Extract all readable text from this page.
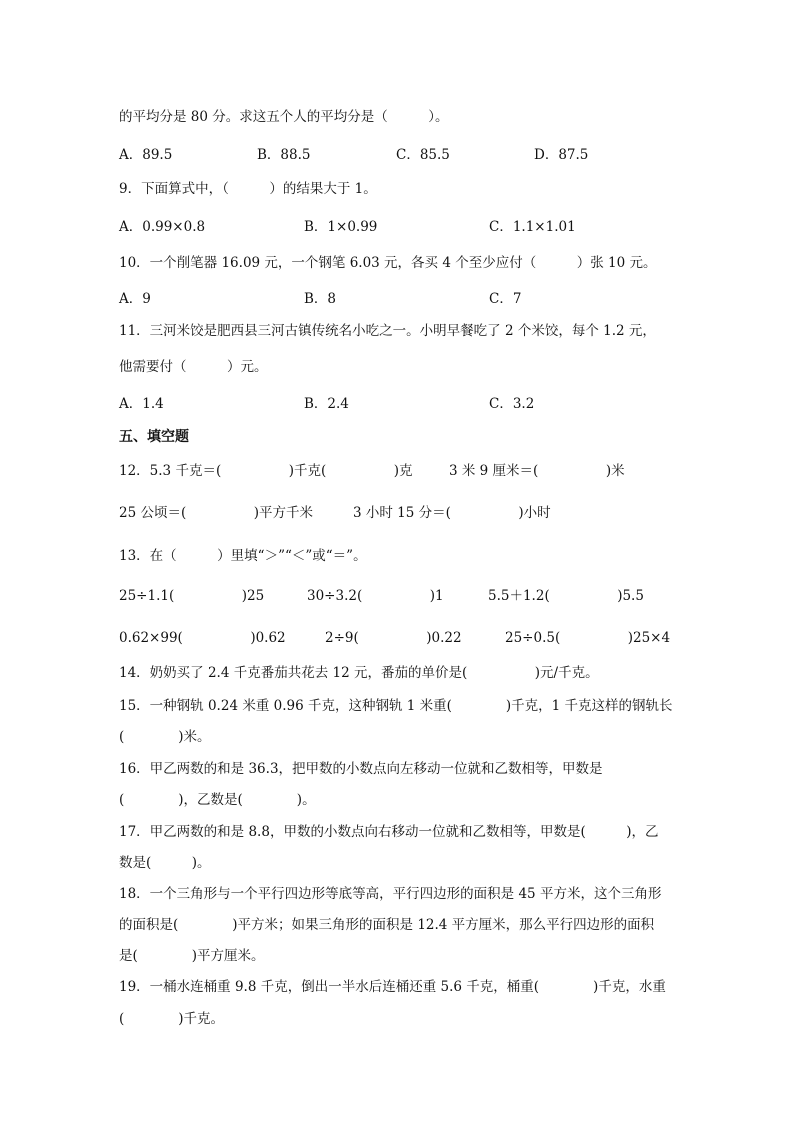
的平均分是 80 分。求这五个人的平均分是（　　　）。
9．下面算式中，（　　　）的结果大于 1。
10．一个削笔器 16.09 元，一个钢笔 6.03 元，各买 4 个至少应付（　　　）张 10 元。
11．三河米饺是肥西县三河古镇传统名小吃之一。小明早餐吃了 2 个米饺，每个 1.2 元，
他需要付（　　　）元。
13．在（　　　）里填“＞”“＜”或“＝”。
14．奶奶买了 2.4 千克番茄共花去 12 元，番茄的单价是(　　　　　)元/千克。
15．一种钢轨 0.24 米重 0.96 千克，这种钢轨 1 米重(　　　　)千克，1 千克这样的钢轨长
(　　　　)米。
16．甲乙两数的和是 36.3，把甲数的小数点向左移动一位就和乙数相等，甲数是
(　　　　)，乙数是(　　　　)。
17．甲乙两数的和是 8.8，甲数的小数点向右移动一位就和乙数相等，甲数是(　　　)，乙
数是(　　　)。
18．一个三角形与一个平行四边形等底等高，平行四边形的面积是 45 平方米，这个三角形
的面积是(　　　　)平方米；如果三角形的面积是 12.4 平方厘米，那么平行四边形的面积
是(　　　　)平方厘米。
19．一桶水连桶重 9.8 千克，倒出一半水后连桶还重 5.6 千克，桶重(　　　　)千克，水重
(　　　　)千克。
五、填空题
A．89.5	B．88.5	C．85.5	D．87.5
A．0.99×0.8	B．1×0.99	C．1.1×1.01
A．9	B．8	C．7
A．1.4	B．2.4	C．3.2
12．5.3 千克＝(　　　　　)千克(　　　　　)克	3 米 9 厘米＝(　　　　　)米
25 公顷＝(　　　　　)平方千米	3 小时 15 分＝(　　　　　)小时
25÷1.1(　　　　　)25	30÷3.2(　　　　　)1	5.5＋1.2(　　　　　)5.5
0.62×99(　　　　　)0.62	2÷9(　　　　　)0.22	25÷0.5(　　　　　)25×4
